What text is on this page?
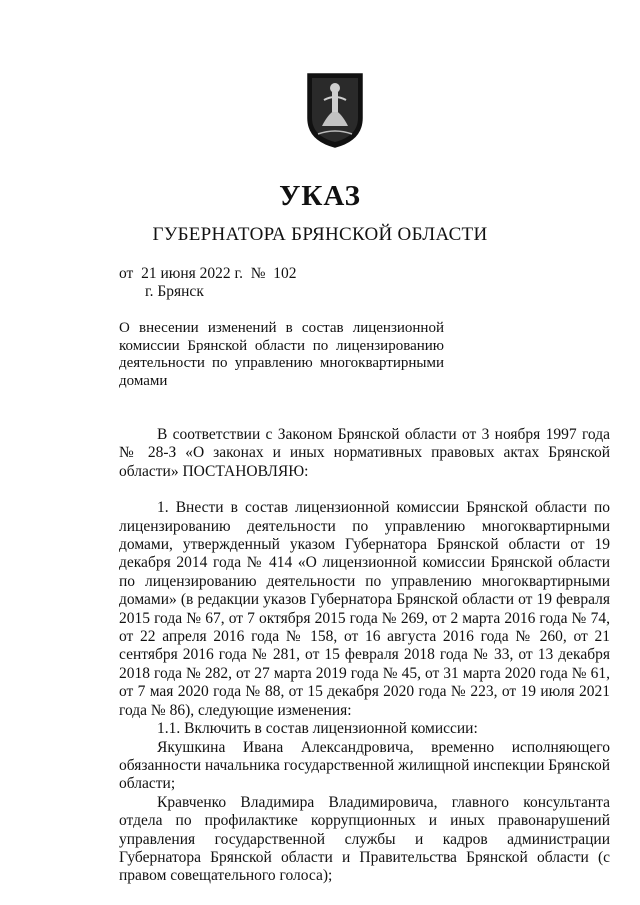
УКАЗ
ГУБЕРНАТОРА БРЯНСКОЙ ОБЛАСТИ
от  21 июня 2022 г.  №  102
г. Брянск
О внесении изменений в состав лицензионной комиссии Брянской области по лицензированию деятельности по управлению многоквартирными домами

В соответствии с Законом Брянской области от 3 ноября 1997 года № 28-З «О законах и иных нормативных правовых актах Брянской области» ПОСТАНОВЛЯЮ:

1. Внести в состав лицензионной комиссии Брянской области по лицензированию деятельности по управлению многоквартирными домами, утвержденный указом Губернатора Брянской области от 19 декабря 2014 года № 414 «О лицензионной комиссии Брянской области по лицензированию деятельности по управлению многоквартирными домами» (в редакции указов Губернатора Брянской области от 19 февраля 2015 года № 67, от 7 октября 2015 года № 269, от 2 марта 2016 года № 74, от 22 апреля 2016 года № 158, от 16 августа 2016 года № 260, от 21 сентября 2016 года № 281, от 15 февраля 2018 года № 33, от 13 декабря 2018 года № 282, от 27 марта 2019 года № 45, от 31 марта 2020 года № 61, от 7 мая 2020 года № 88, от 15 декабря 2020 года № 223, от 19 июля 2021 года № 86), следующие изменения:

1.1. Включить в состав лицензионной комиссии:

Якушкина Ивана Александровича, временно исполняющего обязанности начальника государственной жилищной инспекции Брянской области;

Кравченко Владимира Владимировича, главного консультанта отдела по профилактике коррупционных и иных правонарушений управления государственной службы и кадров администрации Губернатора Брянской области и Правительства Брянской области (с правом совещательного голоса);
